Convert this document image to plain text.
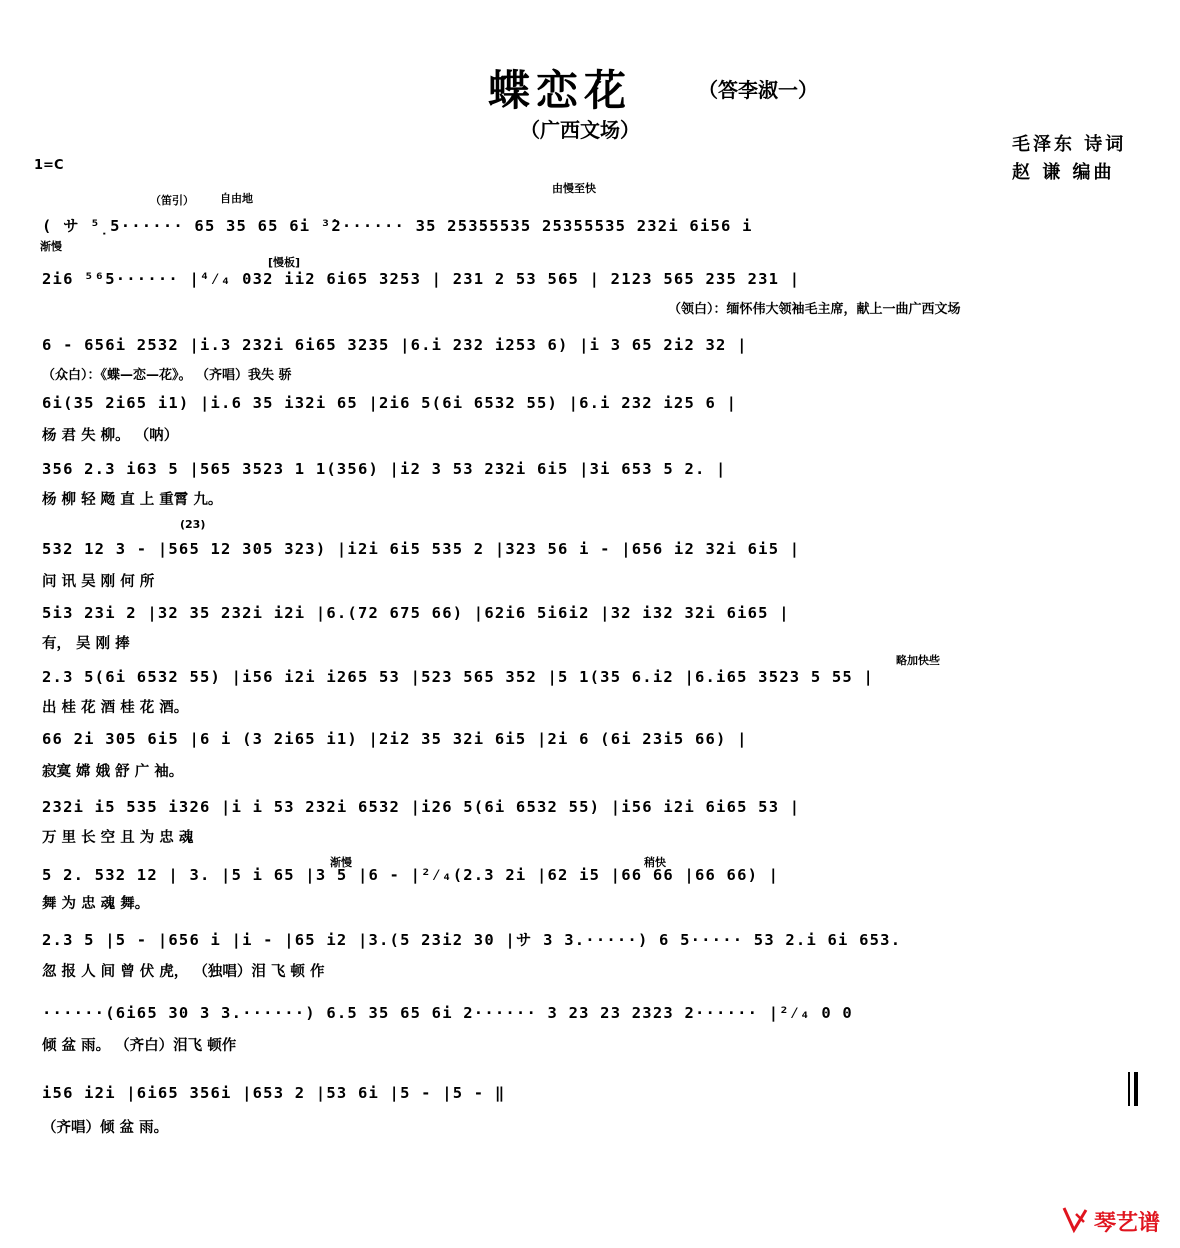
蝶恋花	（答李淑一）
（广西文场）
毛泽东 诗词
赵 谦 编曲
1=C
（笛引） 自由地
由慢至快
渐慢
[慢板]
(23)
略加快些
渐慢	稍快
( サ ⁵̣5······ 65 35 65 6i ³̇2······ 35 25355535 25355535 232i 6i56 i
2i6 ⁵⁶5······ |⁴⁄₄ 032 ii2 6i65 3253 | 231 2 53 565 | 2123 565 235 231 |
（领白）：缅怀伟大领袖毛主席，献上一曲广西文场
6 - 656i 2532 |i.3 232i 6i65 3235 |6.i 232 i253 6) |i 3 65 2i2 32 |
（众白）：《蝶—恋—花》。 （齐唱）我失 骄
6i(35 2i65 i1) |i.6 35 i32i 65 |2i6 5(6i 6532 55) |6.i 232 i25 6 |
杨 君 失 柳。 （呐）
356 2.3 i63 5 |565 3523 1 1(356) |i2 3 53 232i 6i5 |3i 653 5 2. |
杨 柳 轻 飏 直 上 重霄 九。
532 12 3 - |565 12 305 323) |i2i 6i5 535 2 |323 56 i - |656 i2 32i 6i5 |
问 讯 吴 刚 何 所
5i3 23i 2 |32 35 232i i2i |6.(72 675 66) |62i6 5i6i2 |32 i32 32i 6i65 |
有， 吴 刚 捧
2.3 5(6i 6532 55) |i56 i2i i265 53 |523 565 352 |5 1(35 6.i2 |6.i65 3523 5 55 |
出 桂 花 酒 桂 花 酒。
66 2i 305 6i5 |6 i (3 2i65 i1) |2i2 35 32i 6i5 |2i 6 (6i 23i5 66) |
寂寞 嫦 娥 舒 广 袖。
232i i5 535 i326 |i i 53 232i 6532 |i26 5(6i 6532 55) |i56 i2i 6i65 53 |
万 里 长 空 且 为 忠 魂
5 2. 532 12 | 3. |5 i 65 |3 5 |6 - |²⁄₄(2.3 2i |62 i5 |66 66 |66 66) |
舞 为 忠 魂 舞。
2.3 5 |5 - |656 i |i - |65 i2 |3.(5 23i2 30 |サ 3 3.·····) 6 5····· 53 2.i 6i 653.
忽 报 人 间 曾 伏 虎， （独唱）泪 飞 顿 作
······(6i65 30 3 3.······) 6.5 35 65 6i 2······ 3 23 23 2323 2······ |²⁄₄ 0 0
倾 盆 雨。 （齐白）泪飞 顿作
i56 i2i |6i65 356i |653 2 |53 6i |5 - |5 - ‖
（齐唱）倾 盆 雨。
琴艺谱
